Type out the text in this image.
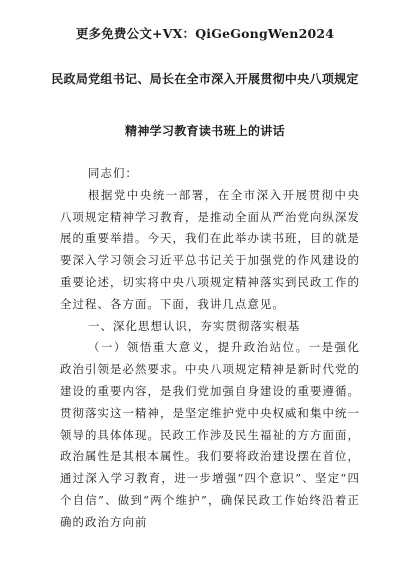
更多免费公文+VX：QiGeGongWen2024
民政局党组书记、局长在全市深入开展贯彻中央八项规定
精神学习教育读书班上的讲话

同志们：

根据党中央统一部署，在全市深入开展贯彻中央八项规定精神学习教育，是推动全面从严治党向纵深发展的重要举措。今天，我们在此举办读书班，目的就是要深入学习领会习近平总书记关于加强党的作风建设的重要论述，切实将中央八项规定精神落实到民政工作的全过程、各方面。下面，我讲几点意见。

一、深化思想认识，夯实贯彻落实根基

（一）领悟重大意义，提升政治站位。一是强化政治引领是必然要求。中央八项规定精神是新时代党的建设的重要内容，是我们党加强自身建设的重要遵循。贯彻落实这一精神，是坚定维护党中央权威和集中统一领导的具体体现。民政工作涉及民生福祉的方方面面，政治属性是其根本属性。我们要将政治建设摆在首位，通过深入学习教育，进一步增强“四个意识”、坚定“四个自信”、做到“两个维护”，确保民政工作始终沿着正确的政治方向前
